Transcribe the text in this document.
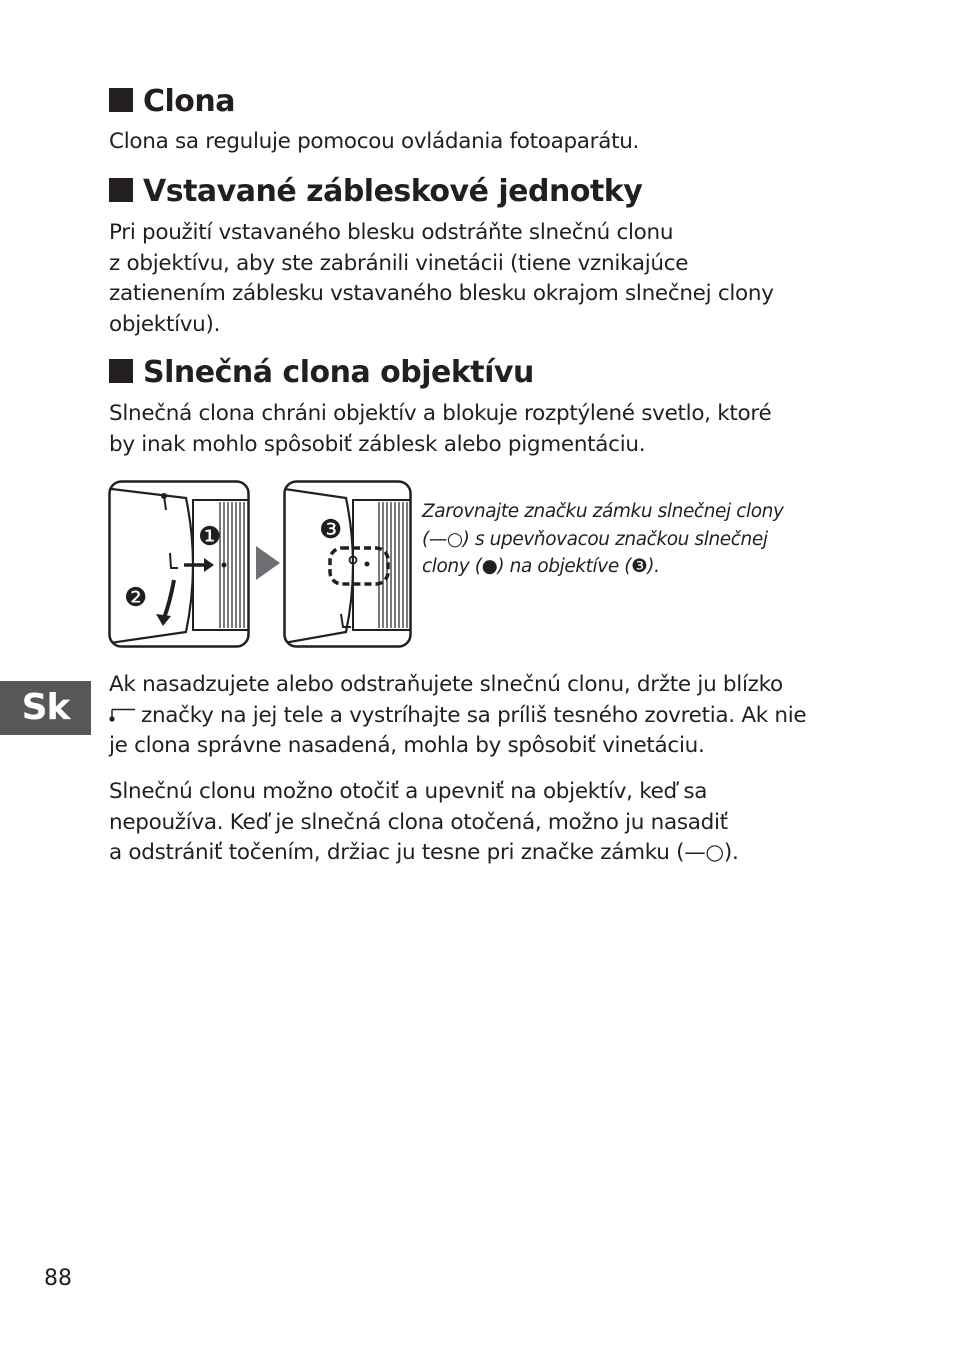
Clona

Clona sa reguluje pomocou ovládania fotoaparátu.

Vstavané zábleskové jednotky

Pri použití vstavaného blesku odstráňte slnečnú clonu
z objektívu, aby ste zabránili vinetácii (tiene vznikajúce
zatienením záblesku vstavaného blesku okrajom slnečnej clony
objektívu).

Slnečná clona objektívu

Slnečná clona chráni objektív a blokuje rozptýlené svetlo, ktoré
by inak mohlo spôsobiť záblesk alebo pigmentáciu.

❶
❷
❸

Zarovnajte značku zámku slnečnej clony
(—○) s upevňovacou značkou slnečnej
clony (●) na objektíve (❸).

Sk

Ak nasadzujete alebo odstraňujete slnečnú clonu, držte ju blízko
značky na jej tele a vystríhajte sa príliš tesného zovretia. Ak nie
je clona správne nasadená, mohla by spôsobiť vinetáciu.

Slnečnú clonu možno otočiť a upevniť na objektív, keď sa
nepoužíva. Keď je slnečná clona otočená, možno ju nasadiť
a odstrániť točením, držiac ju tesne pri značke zámku (—○).

88
